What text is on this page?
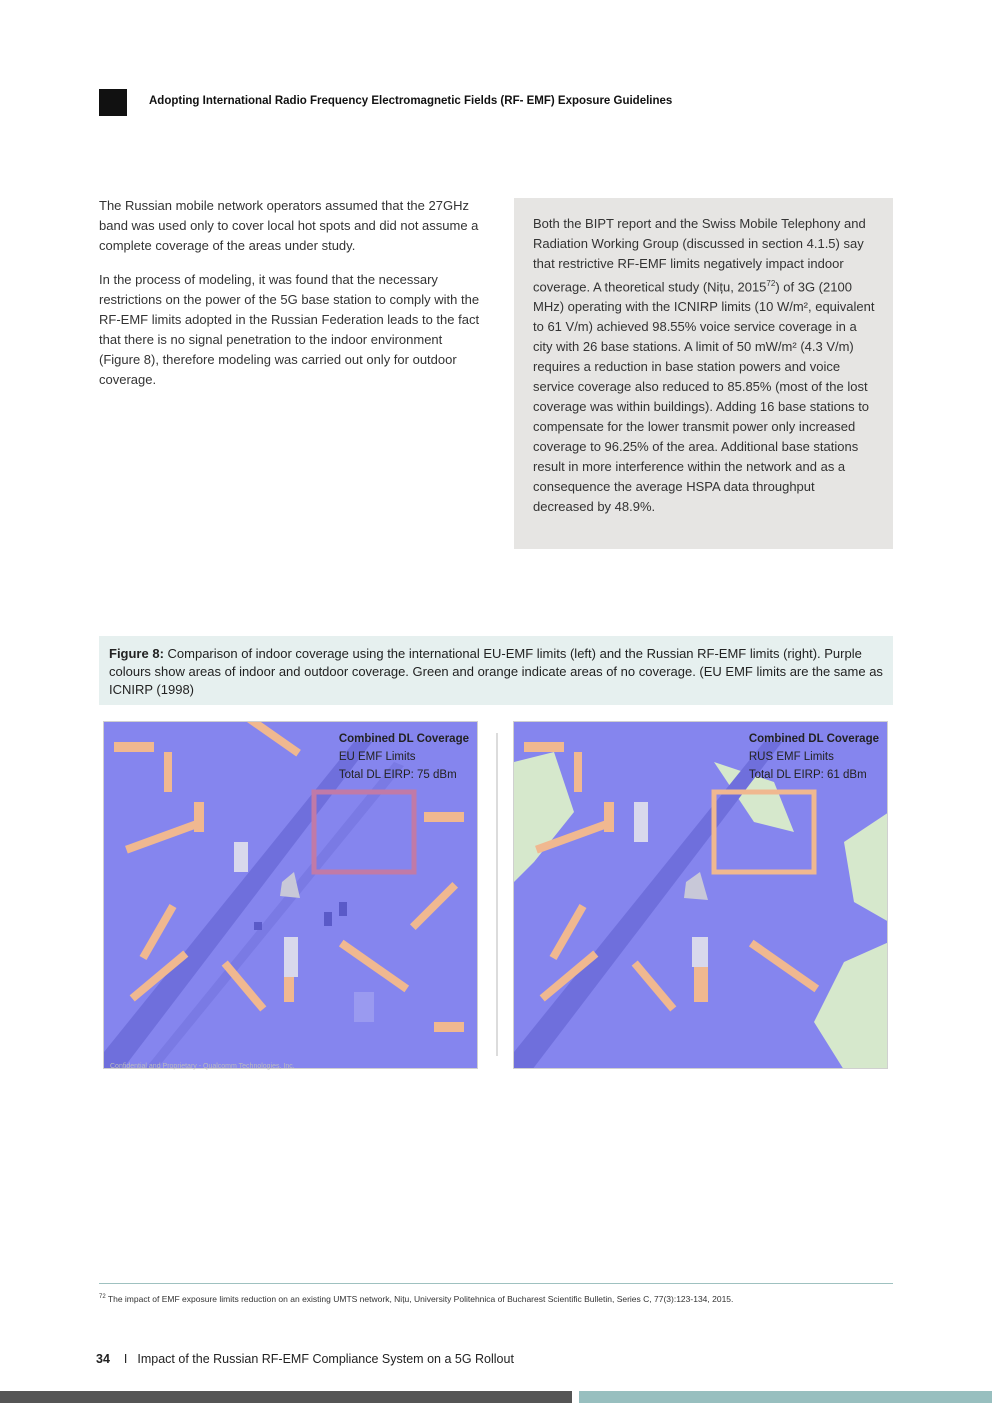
Adopting International Radio Frequency Electromagnetic Fields (RF- EMF) Exposure Guidelines

The Russian mobile network operators assumed that the 27GHz band was used only to cover local hot spots and did not assume a complete coverage of the areas under study.

In the process of modeling, it was found that the necessary restrictions on the power of the 5G base station to comply with the RF-EMF limits adopted in the Russian Federation leads to the fact that there is no signal penetration to the indoor environment (Figure 8), therefore modeling was carried out only for outdoor coverage.

Both the BIPT report and the Swiss Mobile Telephony and Radiation Working Group (discussed in section 4.1.5) say that restrictive RF-EMF limits negatively impact indoor coverage. A theoretical study (Nițu, 2015$^{72}$) of 3G (2100 MHz) operating with the ICNIRP limits (10 W/m², equivalent to 61 V/m) achieved 98.55% voice service coverage in a city with 26 base stations. A limit of 50 mW/m² (4.3 V/m) requires a reduction in base station powers and voice service coverage also reduced to 85.85% (most of the lost coverage was within buildings). Adding 16 base stations to compensate for the lower transmit power only increased coverage to 96.25% of the area. Additional base stations result in more interference within the network and as a consequence the average HSPA data throughput decreased by 48.9%.

Figure 8: Comparison of indoor coverage using the international EU-EMF limits (left) and the Russian RF-EMF limits (right). Purple colours show areas of indoor and outdoor coverage. Green and orange indicate areas of no coverage. (EU EMF limits are the same as ICNIRP (1998)
Combined DL Coverage
EU EMF Limits
Total DL EIRP: 75 dBm
Combined DL Coverage
RUS EMF Limits
Total DL EIRP: 61 dBm
Confidential and Proprietary - Qualcomm Technologies, Inc.
$^{72}$ The impact of EMF exposure limits reduction on an existing UMTS network, Nițu, University Politehnica of Bucharest Scientific Bulletin, Series C, 77(3):123-134, 2015.
34 I Impact of the Russian RF-EMF Compliance System on a 5G Rollout
